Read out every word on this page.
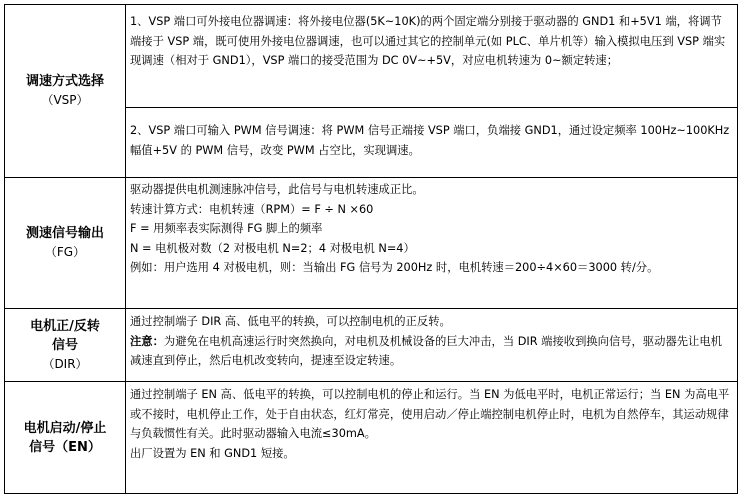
调速方式选择
（VSP）

1、VSP 端口可外接电位器调速：将外接电位器(5K~10K)的两个固定端分别接于驱动器的 GND1 和+5V1 端，将调节端接于 VSP 端，既可使用外接电位器调速，也可以通过其它的控制单元(如 PLC、单片机等）输入模拟电压到 VSP 端实现调速（相对于 GND1），VSP 端口的接受范围为 DC 0V~+5V，对应电机转速为 0~额定转速；

2、VSP 端口可输入 PWM 信号调速：将 PWM 信号正端接 VSP 端口，负端接 GND1，通过设定频率 100Hz~100KHz 幅值+5V 的 PWM 信号，改变 PWM 占空比，实现调速。

测速信号输出
（FG）

驱动器提供电机测速脉冲信号，此信号与电机转速成正比。

转速计算方式：电机转速（RPM）= F ÷ N ×60

F = 用频率表实际测得 FG 脚上的频率

N = 电机极对数（2 对极电机 N=2；4 对极电机 N=4）

例如：用户选用 4 对极电机，则：当输出 FG 信号为 200Hz 时，电机转速＝200÷4×60＝3000 转/分。

电机正/反转
信号
（DIR）

通过控制端子 DIR 高、低电平的转换，可以控制电机的正反转。

注意：为避免在电机高速运行时突然换向，对电机及机械设备的巨大冲击，当 DIR 端接收到换向信号，驱动器先让电机减速直到停止，然后电机改变转向，提速至设定转速。

电机启动/停止
信号（EN）

通过控制端子 EN 高、低电平的转换，可以控制电机的停止和运行。当 EN 为低电平时，电机正常运行；当 EN 为高电平或不接时，电机停止工作，处于自由状态，红灯常亮，使用启动／停止端控制电机停止时，电机为自然停车，其运动规律与负载惯性有关。此时驱动器输入电流≤30mA。

出厂设置为 EN 和 GND1 短接。
